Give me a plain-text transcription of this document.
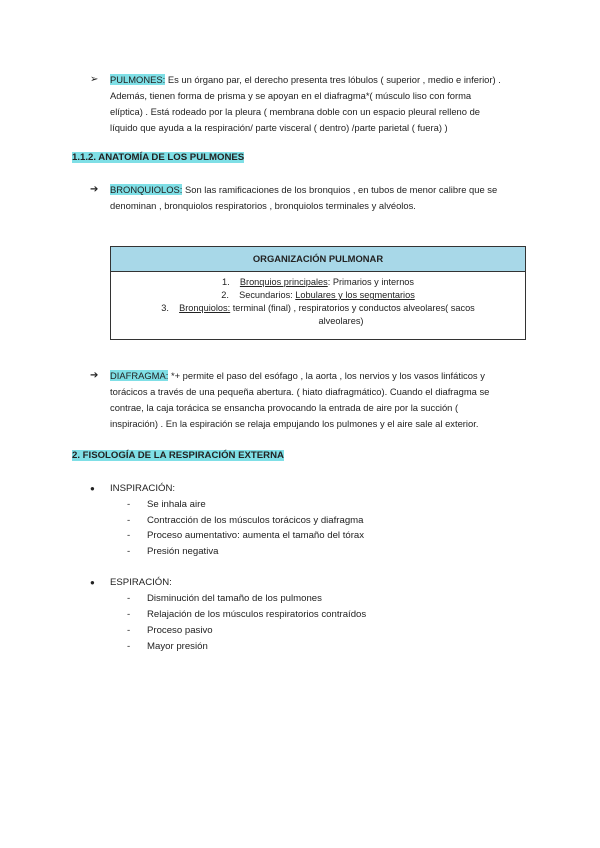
➢ PULMONES: Es un órgano par, el derecho presenta tres lóbulos ( superior , medio e inferior) .
Además, tienen forma de prisma y se apoyan en el diafragma*( músculo liso con forma
elíptica) . Está rodeado por la pleura ( membrana doble con un espacio pleural relleno de
líquido que ayuda a la respiración/ parte visceral ( dentro) /parte parietal ( fuera) )
1.1.2. ANATOMÍA DE LOS PULMONES
➔ BRONQUIOLOS: Son las ramificaciones de los bronquios , en tubos de menor calibre que se
denominan , bronquiolos respiratorios , bronquiolos terminales y alvéolos.
ORGANIZACIÓN PULMONAR
1. Bronquios principales: Primarios y internos
2. Secundarios: Lobulares y los segmentarios
3. Bronquiolos: terminal (final) , respiratorios y conductos alveolares( sacos
alveolares)
➔ DIAFRAGMA: *+ permite el paso del esófago , la aorta , los nervios y los vasos linfáticos y
torácicos a través de una pequeña abertura. ( hiato diafragmático). Cuando el diafragma se
contrae, la caja torácica se ensancha provocando la entrada de aire por la succión (
inspiración) . En la espiración se relaja empujando los pulmones y el aire sale al exterior.
2. FISOLOGÍA DE LA RESPIRACIÓN EXTERNA
● INSPIRACIÓN:
- Se inhala aire
- Contracción de los músculos torácicos y diafragma
- Proceso aumentativo: aumenta el tamaño del tórax
- Presión negativa
● ESPIRACIÓN:
- Disminución del tamaño de los pulmones
- Relajación de los músculos respiratorios contraídos
- Proceso pasivo
- Mayor presión
